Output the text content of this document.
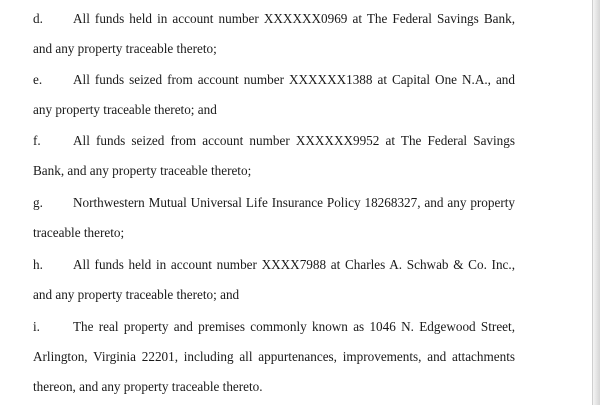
d. All funds held in account number XXXXXX0969 at The Federal Savings Bank,
and any property traceable thereto;
e. All funds seized from account number XXXXXX1388 at Capital One N.A., and
any property traceable thereto; and
f. All funds seized from account number XXXXXX9952 at The Federal Savings
Bank, and any property traceable thereto;
g. Northwestern Mutual Universal Life Insurance Policy 18268327, and any property
traceable thereto;
h. All funds held in account number XXXX7988 at Charles A. Schwab & Co. Inc.,
and any property traceable thereto; and
i.	The real property and premises commonly known as 1046 N. Edgewood Street,
Arlington, Virginia 22201, including all appurtenances, improvements, and attachments
thereon, and any property traceable thereto.
